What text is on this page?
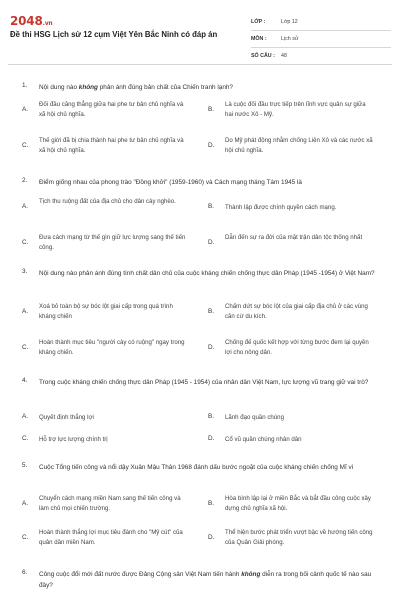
2048.vn
Đề thi HSG Lịch sử 12 cụm Việt Yên Bắc Ninh có đáp án
LỚP :	Lớp 12
MÔN :	Lịch sử
SỐ CÂU :	48
1. Nội dung nào không phản ánh đúng bản chất của Chiến tranh lạnh?
A.
Đối đầu căng thẳng giữa hai phe tư bản chủ nghĩa và xã hội chủ nghĩa.
B.
Là cuộc đối đầu trực tiếp trên lĩnh vực quân sự giữa hai nước Xô - Mỹ.
C.
Thế giới đã bị chia thành hai phe tư bản chủ nghĩa và xã hội chủ nghĩa.
D.
Do Mỹ phát động nhằm chống Liên Xô và các nước xã hội chủ nghĩa.
2. Điểm giống nhau của phong trào "Đồng khởi" (1959-1960) và Cách mạng tháng Tám 1945 là
A.
Tịch thu ruộng đất của địa chủ cho dân cày nghèo.
B. Thành lập được chính quyền cách mạng.
C.
Đưa cách mạng từ thế gìn giữ lực lượng sang thế tiến công.
D.
Dẫn đến sự ra đời của mặt trận dân tộc thống nhất
3. Nội dung nào phản ánh đúng tính chất dân chủ của cuộc kháng chiến chống thực dân Pháp (1945 -1954) ở Việt Nam?
A.
Xoá bỏ toàn bộ sự bóc lột giai cấp trong quá trình kháng chiến
B.
Chấm dứt sự bóc lột của giai cấp địa chủ ở các vùng căn cứ du kích.
C.
Hoàn thành mục tiêu "người cày có ruộng" ngay trong kháng chiến.
D.
Chống đế quốc kết hợp với từng bước đem lại quyền lợi cho nông dân.
4. Trong cuộc kháng chiến chống thực dân Pháp (1945 - 1954) của nhân dân Việt Nam, lực lượng vũ trang giữ vai trò?
A. Quyết định thắng lợi	B. Lãnh đạo quần chúng
C. Hỗ trợ lực lượng chính trị	D. Cổ vũ quần chúng nhân dân
5. Cuộc Tổng tiến công và nổi dậy Xuân Mậu Thân 1968 đánh dấu bước ngoặt của cuộc kháng chiến chống Mĩ vì
A.
Chuyển cách mạng miền Nam sang thế tiến công và làm chủ mọi chiến trường.
B.
Hòa bình lập lại ở miền Bắc và bắt đầu công cuộc xây dựng chủ nghĩa xã hội.
C.
Hoàn thành thắng lợi mục tiêu đánh cho "Mỹ cút" của quân dân miền Nam.
D.
Thể hiện bước phát triển vượt bậc về hướng tiến công của Quân Giải phóng.
6. Công cuộc đổi mới đất nước được Đảng Cộng sản Việt Nam tiến hành không diễn ra trong bối cảnh quốc tế nào sau đây?
